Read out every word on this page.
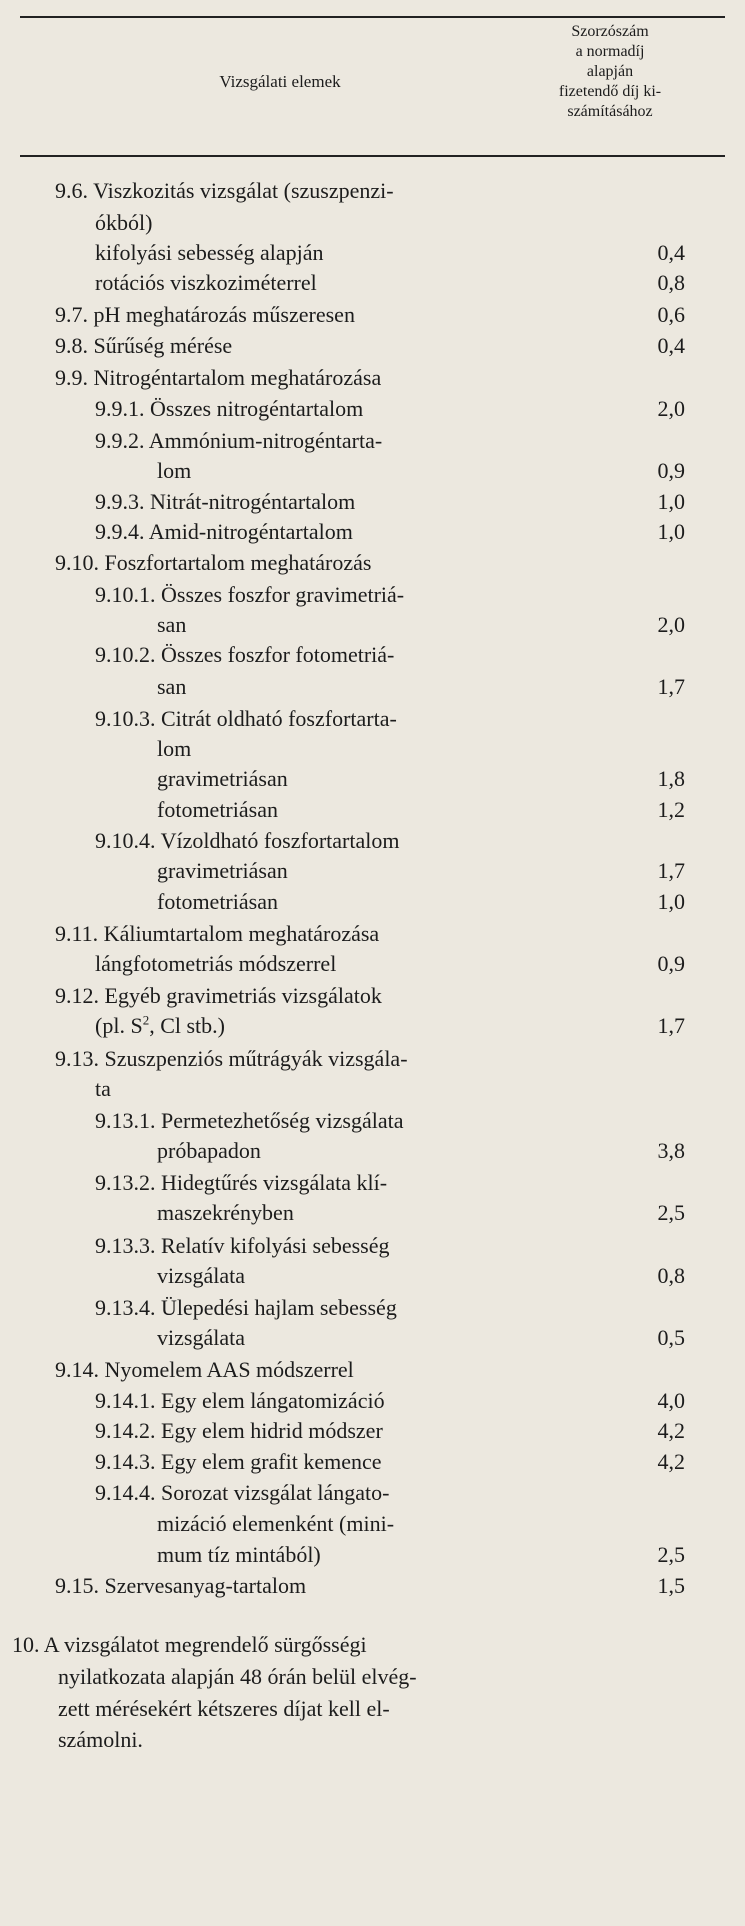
Vizsgálati elemek
Szorzószám
a normadíj
alapján
fizetendő díj ki-
számításához
9.6. Viszkozitás vizsgálat (szuszpenzi-
ókból)
kifolyási sebesség alapján	0,4
rotációs viszkoziméterrel	0,8
9.7. pH meghatározás műszeresen	0,6
9.8. Sűrűség mérése	0,4
9.9. Nitrogéntartalom meghatározása
9.9.1. Összes nitrogéntartalom	2,0
9.9.2. Ammónium-nitrogéntarta-
lom	0,9
9.9.3. Nitrát-nitrogéntartalom	1,0
9.9.4. Amid-nitrogéntartalom	1,0
9.10. Foszfortartalom meghatározás
9.10.1. Összes foszfor gravimetriá-
san	2,0
9.10.2. Összes foszfor fotometriá-
san	1,7
9.10.3. Citrát oldható foszfortarta-
lom
gravimetriásan	1,8
fotometriásan	1,2
9.10.4. Vízoldható foszfortartalom
gravimetriásan	1,7
fotometriásan	1,0
9.11. Káliumtartalom meghatározása
lángfotometriás módszerrel	0,9
9.12. Egyéb gravimetriás vizsgálatok
(pl. $S^2$, Cl stb.)	1,7
9.13. Szuszpenziós műtrágyák vizsgála-
ta
9.13.1. Permetezhetőség vizsgálata
próbapadon	3,8
9.13.2. Hidegtűrés vizsgálata klí-
maszekrényben	2,5
9.13.3. Relatív kifolyási sebesség
vizsgálata	0,8
9.13.4. Ülepedési hajlam sebesség
vizsgálata	0,5
9.14. Nyomelem AAS módszerrel
9.14.1. Egy elem lángatomizáció	4,0
9.14.2. Egy elem hidrid módszer	4,2
9.14.3. Egy elem grafit kemence	4,2
9.14.4. Sorozat vizsgálat lángato-
mizáció elemenként (mini-
mum tíz mintából)	2,5
9.15. Szervesanyag-tartalom	1,5
10. A vizsgálatot megrendelő sürgősségi
nyilatkozata alapján 48 órán belül elvég-
zett mérésekért kétszeres díjat kell el-
számolni.
